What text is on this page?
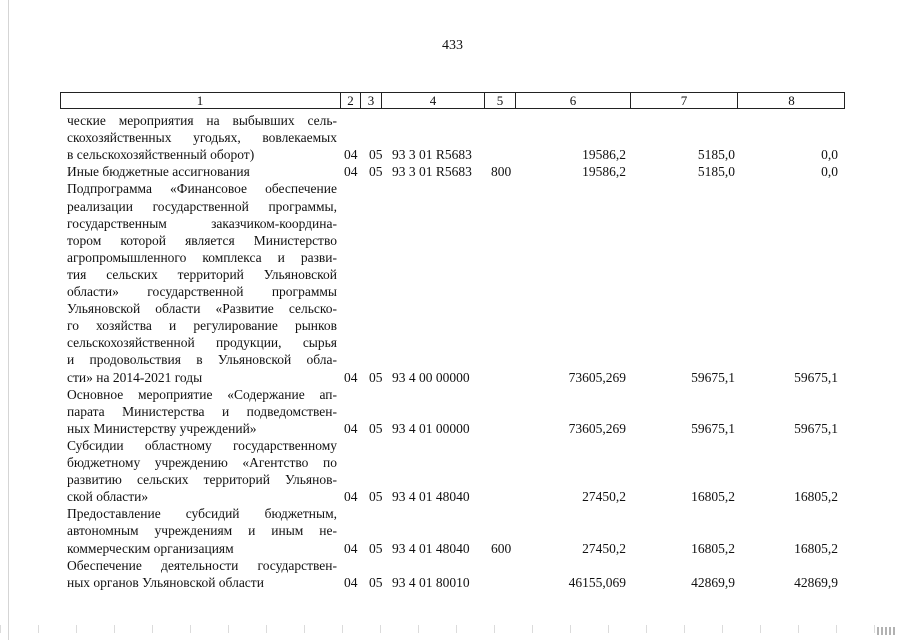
433
1	2	3	4	5	6	7	8
ческие мероприятия на выбывших сель-
скохозяйственных угодьях, вовлекаемых
в сельскохозяйственный оборот)	04 05 93 3 01 R5683	19586,2	5185,0	0,0
Иные бюджетные ассигнования	04 05 93 3 01 R5683 800	19586,2	5185,0	0,0
Подпрограмма «Финансовое обеспечение
реализации государственной программы,
государственным заказчиком-координа-
тором которой является Министерство
агропромышленного комплекса и разви-
тия сельских территорий Ульяновской
области» государственной программы
Ульяновской области «Развитие сельско-
го хозяйства и регулирование рынков
сельскохозяйственной продукции, сырья
и продовольствия в Ульяновской обла-
сти» на 2014-2021 годы	04 05 93 4 00 00000	73605,269	59675,1	59675,1
Основное мероприятие «Содержание ап-
парата Министерства и подведомствен-
ных Министерству учреждений»	04 05 93 4 01 00000	73605,269	59675,1	59675,1
Субсидии областному государственному
бюджетному учреждению «Агентство по
развитию сельских территорий Ульянов-
ской области»	04 05 93 4 01 48040	27450,2	16805,2	16805,2
Предоставление субсидий бюджетным,
автономным учреждениям и иным не-
коммерческим организациям	04 05 93 4 01 48040 600	27450,2	16805,2	16805,2
Обеспечение деятельности государствен-
ных органов Ульяновской области	04 05 93 4 01 80010	46155,069	42869,9	42869,9
